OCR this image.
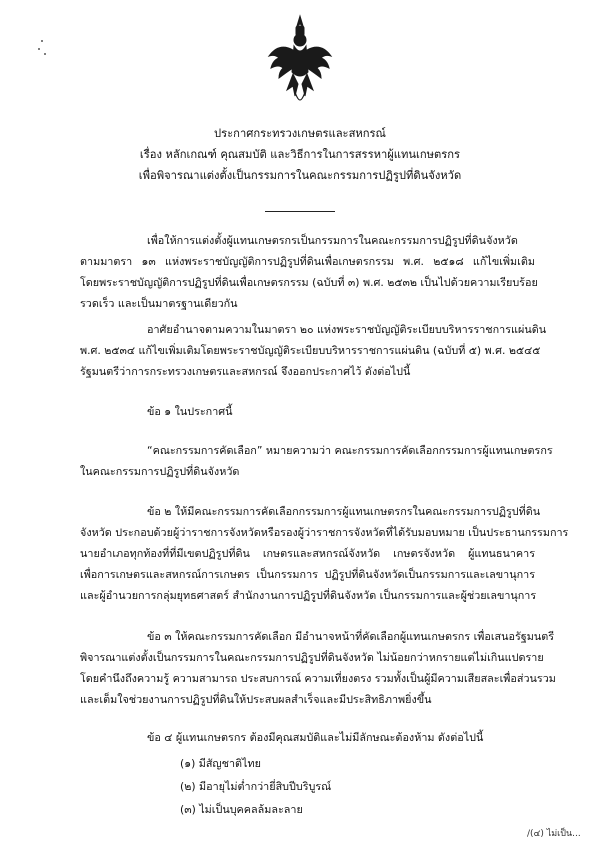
ประกาศกระทรวงเกษตรและสหกรณ์
เรื่อง หลักเกณฑ์ คุณสมบัติ และวิธีการในการสรรหาผู้แทนเกษตรกร
เพื่อพิจารณาแต่งตั้งเป็นกรรมการในคณะกรรมการปฏิรูปที่ดินจังหวัด
เพื่อให้การแต่งตั้งผู้แทนเกษตรกรเป็นกรรมการในคณะกรรมการปฏิรูปที่ดินจังหวัด
ตามมาตรา ๑๓ แห่งพระราชบัญญัติการปฏิรูปที่ดินเพื่อเกษตรกรรม พ.ศ. ๒๕๑๘ แก้ไขเพิ่มเติม
โดยพระราชบัญญัติการปฏิรูปที่ดินเพื่อเกษตรกรรม (ฉบับที่ ๓) พ.ศ. ๒๕๓๒ เป็นไปด้วยความเรียบร้อย
รวดเร็ว และเป็นมาตรฐานเดียวกัน
อาศัยอำนาจตามความในมาตรา ๒๐ แห่งพระราชบัญญัติระเบียบบริหารราชการแผ่นดิน
พ.ศ. ๒๕๓๔ แก้ไขเพิ่มเติมโดยพระราชบัญญัติระเบียบบริหารราชการแผ่นดิน (ฉบับที่ ๕) พ.ศ. ๒๕๔๕
รัฐมนตรีว่าการกระทรวงเกษตรและสหกรณ์ จึงออกประกาศไว้ ดังต่อไปนี้
ข้อ ๑ ในประกาศนี้
“คณะกรรมการคัดเลือก” หมายความว่า คณะกรรมการคัดเลือกกรรมการผู้แทนเกษตรกร
ในคณะกรรมการปฏิรูปที่ดินจังหวัด
ข้อ ๒ ให้มีคณะกรรมการคัดเลือกกรรมการผู้แทนเกษตรกรในคณะกรรมการปฏิรูปที่ดิน
จังหวัด ประกอบด้วยผู้ว่าราชการจังหวัดหรือรองผู้ว่าราชการจังหวัดที่ได้รับมอบหมาย เป็นประธานกรรมการ
นายอำเภอทุกท้องที่ที่มีเขตปฏิรูปที่ดิน เกษตรและสหกรณ์จังหวัด เกษตรจังหวัด ผู้แทนธนาคาร
เพื่อการเกษตรและสหกรณ์การเกษตร เป็นกรรมการ ปฏิรูปที่ดินจังหวัดเป็นกรรมการและเลขานุการ
และผู้อำนวยการกลุ่มยุทธศาสตร์ สำนักงานการปฏิรูปที่ดินจังหวัด เป็นกรรมการและผู้ช่วยเลขานุการ
ข้อ ๓ ให้คณะกรรมการคัดเลือก มีอำนาจหน้าที่คัดเลือกผู้แทนเกษตรกร เพื่อเสนอรัฐมนตรี
พิจารณาแต่งตั้งเป็นกรรมการในคณะกรรมการปฏิรูปที่ดินจังหวัด ไม่น้อยกว่าหกรายแต่ไม่เกินแปดราย
โดยคำนึงถึงความรู้ ความสามารถ ประสบการณ์ ความเที่ยงตรง รวมทั้งเป็นผู้มีความเสียสละเพื่อส่วนรวม
และเต็มใจช่วยงานการปฏิรูปที่ดินให้ประสบผลสำเร็จและมีประสิทธิภาพยิ่งขึ้น
ข้อ ๔ ผู้แทนเกษตรกร ต้องมีคุณสมบัติและไม่มีลักษณะต้องห้าม ดังต่อไปนี้
(๑) มีสัญชาติไทย
(๒) มีอายุไม่ต่ำกว่ายี่สิบปีบริบูรณ์
(๓) ไม่เป็นบุคคลล้มละลาย
/(๔) ไม่เป็น...
